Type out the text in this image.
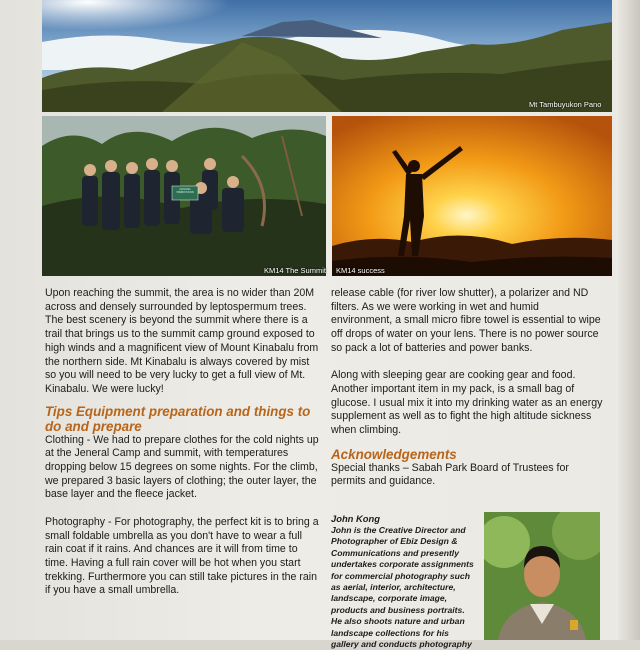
Mt Tambuyukon Pano
GUNUNG TAMBUYUKON
KM14 The Summit KM14 success

Upon reaching the summit, the area is no wider than 20M across and densely surrounded by leptospermum trees. The best scenery is beyond the summit where there is a trail that brings us to the summit camp ground exposed to high winds and a magnificent view of Mount Kinabalu from the northern side. Mt Kinabalu is always covered by mist so you will need to be very lucky to get a full view of Mt. Kinabalu. We were lucky!

Tips Equipment preparation and things to do and prepare

Clothing - We had to prepare clothes for the cold nights up at the Jeneral Camp and summit, with temperatures dropping below 15 degrees on some nights. For the climb, we prepared 3 basic layers of clothing; the outer layer, the base layer and the fleece jacket.

Photography - For photography, the perfect kit is to bring a small foldable umbrella as you don't have to wear a full rain coat if it rains. And chances are it will from time to time. Having a full rain cover will be hot when you start trekking. Furthermore you can still take pictures in the rain if you have a small umbrella.

release cable (for river low shutter), a polarizer and ND filters. As we were working in wet and humid environment, a small micro fibre towel is essential to wipe off drops of water on your lens. There is no power source so pack a lot of batteries and power banks.

Along with sleeping gear are cooking gear and food. Another important item in my pack, is a small bag of glucose. I usual mix it into my drinking water as an energy supplement as well as to fight the high altitude sickness when climbing.

Acknowledgements

Special thanks – Sabah Park Board of Trustees for permits and guidance.

John Kong
John is the Creative Director and Photographer of Ebiz Design & Communications and presently undertakes corporate assignments for commercial photography such as aerial, interior, architecture, landscape, corporate image, products and business portraits. He also shoots nature and urban landscape collections for his gallery and conducts photography
